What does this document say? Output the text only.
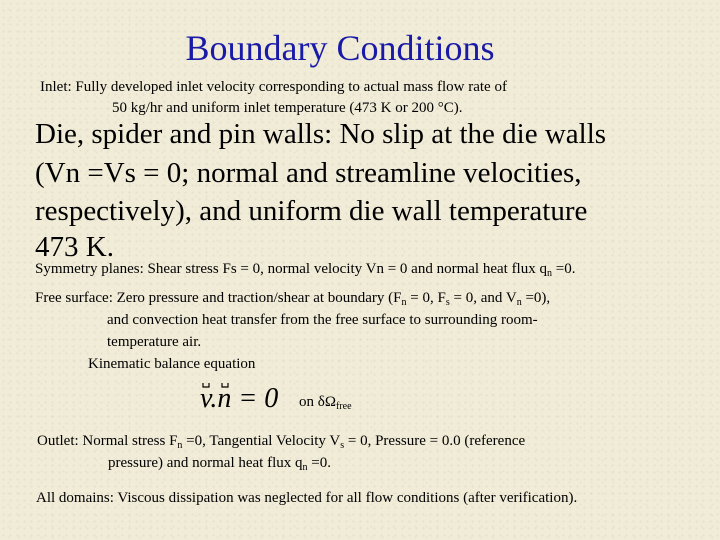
Boundary Conditions
Inlet: Fully developed inlet velocity corresponding to actual mass flow rate of
50 kg/hr and uniform inlet temperature (473 K or 200 °C).
Die, spider and pin walls: No slip at the die walls
(Vn =Vs = 0; normal and streamline velocities,
respectively), and uniform die wall temperature
473 K.
Symmetry planes: Shear stress Fs = 0, normal velocity Vn = 0 and normal heat flux $q_n =0$.
Free surface: Zero pressure and traction/shear at boundary ($F_n = 0$, $F_s = 0$, and $V_n =0$),
and convection heat transfer from the free surface to surrounding room-
temperature air.
Kinematic balance equation
v.n = 0 on $\delta\Omega_{free}$
Outlet: Normal stress $F_n =0$, Tangential Velocity $V_s = 0$, Pressure = 0.0 (reference
pressure) and normal heat flux $q_n =0$.
All domains: Viscous dissipation was neglected for all flow conditions (after verification).
